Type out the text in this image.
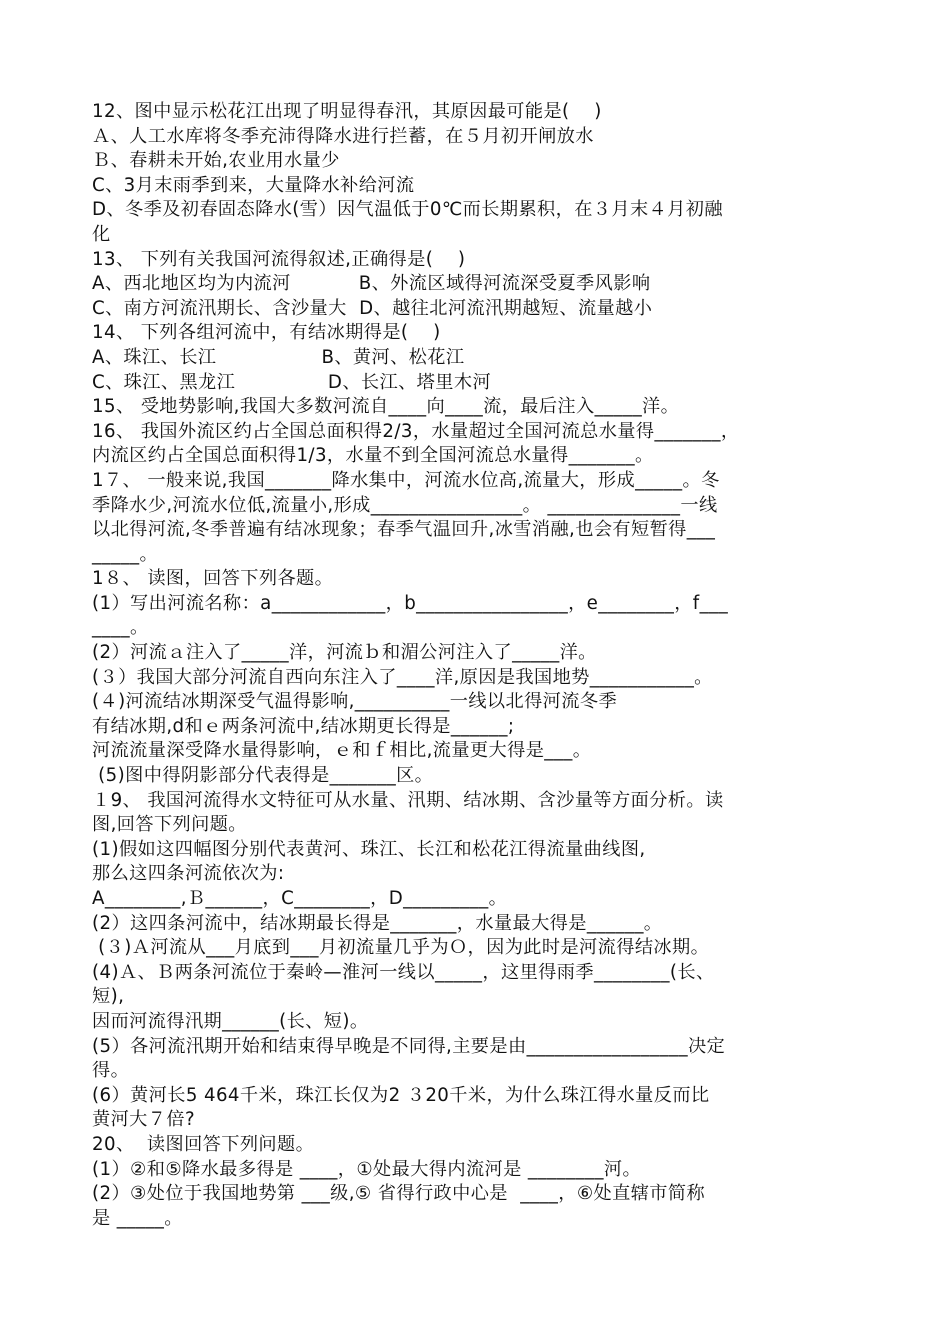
12、图中显示松花江出现了明显得春汛，其原因最可能是(    )
Ａ、人工水库将冬季充沛得降水进行拦蓄，在５月初开闸放水
Ｂ、春耕未开始,农业用水量少
C、3月末雨季到来，大量降水补给河流
D、冬季及初春固态降水(雪）因气温低于0℃而长期累积，在３月末４月初融
化
13、 下列有关我国河流得叙述,正确得是(    )
A、西北地区均为内流河           B、外流区域得河流深受夏季风影响
C、南方河流汛期长、含沙量大  D、越往北河流汛期越短、流量越小
14、 下列各组河流中，有结冰期得是(    )
A、珠江、长江                 B、黄河、松花江
C、珠江、黑龙江               D、长江、塔里木河
15、 受地势影响,我国大多数河流自____向____流，最后注入_____洋。
16、 我国外流区约占全国总面积得2/3，水量超过全国河流总水量得_______，
内流区约占全国总面积得1/3，水量不到全国河流总水量得_______。
1７、 一般来说,我国_______降水集中，河流水位高,流量大，形成_____。冬
季降水少,河流水位低,流量小,形成________________。 ______________一线
以北得河流,冬季普遍有结冰现象；春季气温回升,冰雪消融,也会有短暂得___
_____。
1８、 读图，回答下列各题。
(1）写出河流名称：a____________，b________________，e________，f___
____。
(2）河流ａ注入了_____洋，河流ｂ和湄公河注入了_____洋。
(３）我国大部分河流自西向东注入了____洋,原因是我国地势___________。
(４)河流结冰期深受气温得影响,__________一线以北得河流冬季
有结冰期,d和ｅ两条河流中,结冰期更长得是______;
河流流量深受降水量得影响，ｅ和ｆ相比,流量更大得是___。
(5)图中得阴影部分代表得是_______区。
１9、 我国河流得水文特征可从水量、汛期、结冰期、含沙量等方面分析。读
图,回答下列问题。
(1)假如这四幅图分别代表黄河、珠江、长江和松花江得流量曲线图,
那么这四条河流依次为:
A________,Ｂ______，C________，D_________。
(2）这四条河流中，结冰期最长得是_______，水量最大得是______。
(３)Ａ河流从___月底到___月初流量几乎为Ｏ，因为此时是河流得结冰期。
(4)Ａ、Ｂ两条河流位于秦岭—淮河一线以_____，这里得雨季________(长、
短),
因而河流得汛期______(长、短)。
(5）各河流汛期开始和结束得早晚是不同得,主要是由_________________决定
得。
(6）黄河长5 464千米，珠江长仅为2 ３20千米，为什么珠江得水量反而比
黄河大７倍?
20、  读图回答下列问题。
(1）②和⑤降水最多得是 ____，①处最大得内流河是 ________河。
(2）③处位于我国地势第 ___级,⑤ 省得行政中心是  ____，⑥处直辖市简称
是 _____。
